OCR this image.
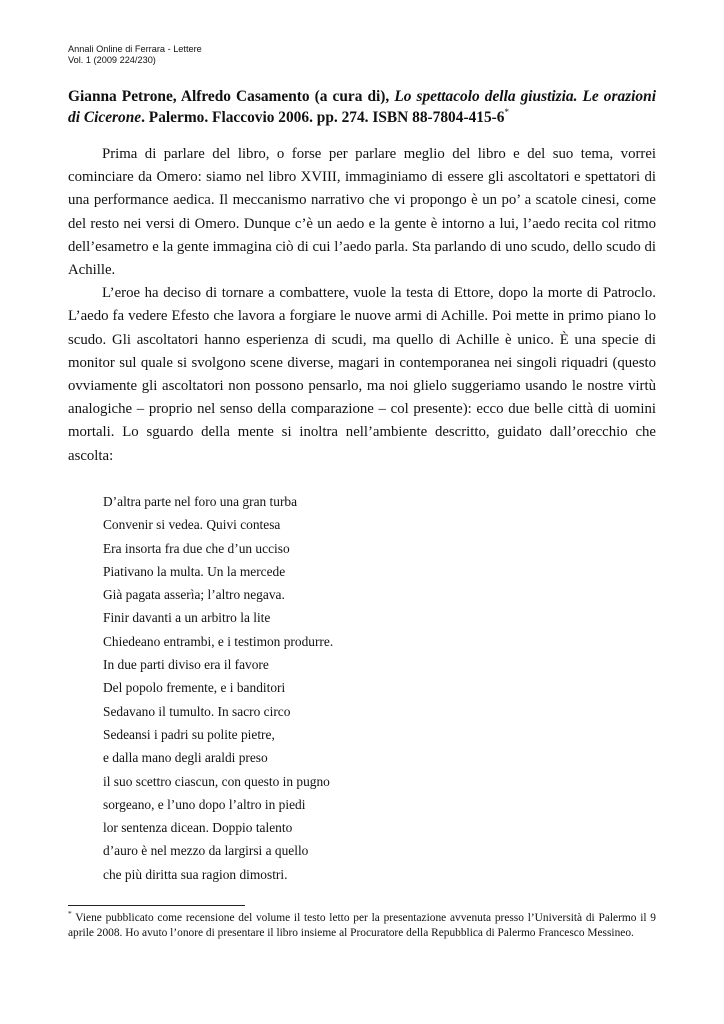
Annali Online di Ferrara - Lettere
Vol. 1 (2009 224/230)
Gianna Petrone, Alfredo Casamento (a cura di), Lo spettacolo della giustizia. Le orazioni di Cicerone. Palermo. Flaccovio 2006. pp. 274. ISBN 88-7804-415-6*

Prima di parlare del libro, o forse per parlare meglio del libro e del suo tema, vorrei cominciare da Omero: siamo nel libro XVIII, immaginiamo di essere gli ascoltatori e spettatori di una performance aedica. Il meccanismo narrativo che vi propongo è un po’ a scatole cinesi, come del resto nei versi di Omero. Dunque c’è un aedo e la gente è intorno a lui, l’aedo recita col ritmo dell’esametro e la gente immagina ciò di cui l’aedo parla. Sta parlando di uno scudo, dello scudo di Achille.

L’eroe ha deciso di tornare a combattere, vuole la testa di Ettore, dopo la morte di Patroclo. L’aedo fa vedere Efesto che lavora a forgiare le nuove armi di Achille. Poi mette in primo piano lo scudo. Gli ascoltatori hanno esperienza di scudi, ma quello di Achille è unico. È una specie di monitor sul quale si svolgono scene diverse, magari in contemporanea nei singoli riquadri (questo ovviamente gli ascoltatori non possono pensarlo, ma noi glielo suggeriamo usando le nostre virtù analogiche – proprio nel senso della comparazione – col presente): ecco due belle città di uomini mortali. Lo sguardo della mente si inoltra nell’ambiente descritto, guidato dall’orecchio che ascolta:

D’altra parte nel foro una gran turba
Convenir si vedea. Quivi contesa
Era insorta fra due che d’un ucciso
Piativano la multa. Un la mercede
Già pagata asserìa; l’altro negava.
Finir davanti a un arbitro la lite
Chiedeano entrambi, e i testimon produrre.
In due parti diviso era il favore
Del popolo fremente, e i banditori
Sedavano il tumulto. In sacro circo
Sedeansi i padri su polite pietre,
e dalla mano degli araldi preso
il suo scettro ciascun, con questo in pugno
sorgeano, e l’uno dopo l’altro in piedi
lor sentenza dicean. Doppio talento
d’auro è nel mezzo da largirsi a quello
che più diritta sua ragion dimostri.
* Viene pubblicato come recensione del volume il testo letto per la presentazione avvenuta presso l’Università di Palermo il 9 aprile 2008. Ho avuto l’onore di presentare il libro insieme al Procuratore della Repubblica di Palermo Francesco Messineo.
